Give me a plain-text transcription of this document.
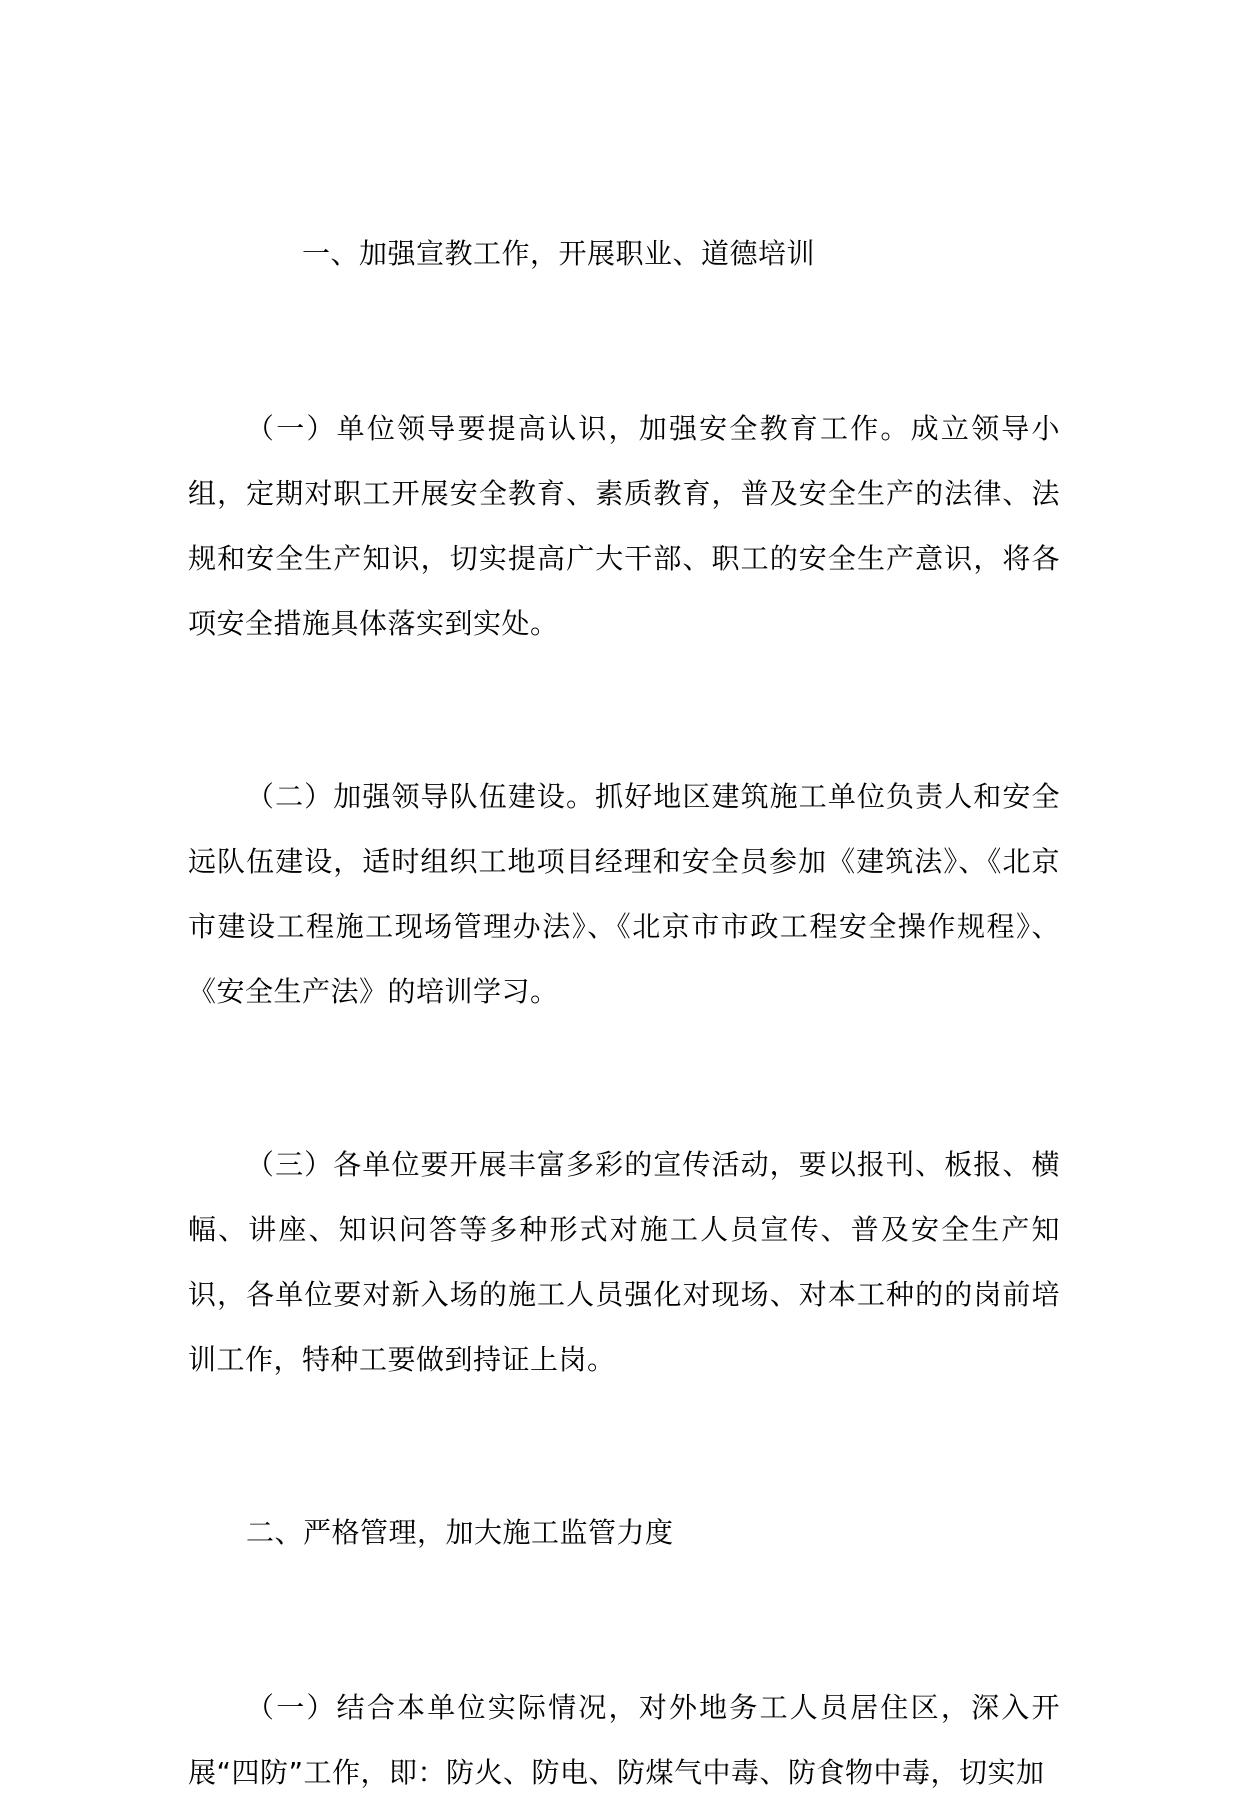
一、加强宣教工作，开展职业、道德培训

（一）单位领导要提高认识，加强安全教育工作。成立领导小组，定期对职工开展安全教育、素质教育，普及安全生产的法律、法规和安全生产知识，切实提高广大干部、职工的安全生产意识，将各项安全措施具体落实到实处。

（二）加强领导队伍建设。抓好地区建筑施工单位负责人和安全远队伍建设，适时组织工地项目经理和安全员参加《建筑法》、《北京市建设工程施工现场管理办法》、《北京市市政工程安全操作规程》、《安全生产法》的培训学习。

（三）各单位要开展丰富多彩的宣传活动，要以报刊、板报、横幅、讲座、知识问答等多种形式对施工人员宣传、普及安全生产知识，各单位要对新入场的施工人员强化对现场、对本工种的的岗前培训工作，特种工要做到持证上岗。

二、严格管理，加大施工监管力度

（一）结合本单位实际情况，对外地务工人员居住区，深入开展“四防”工作，即：防火、防电、防煤气中毒、防食物中毒，切实加
